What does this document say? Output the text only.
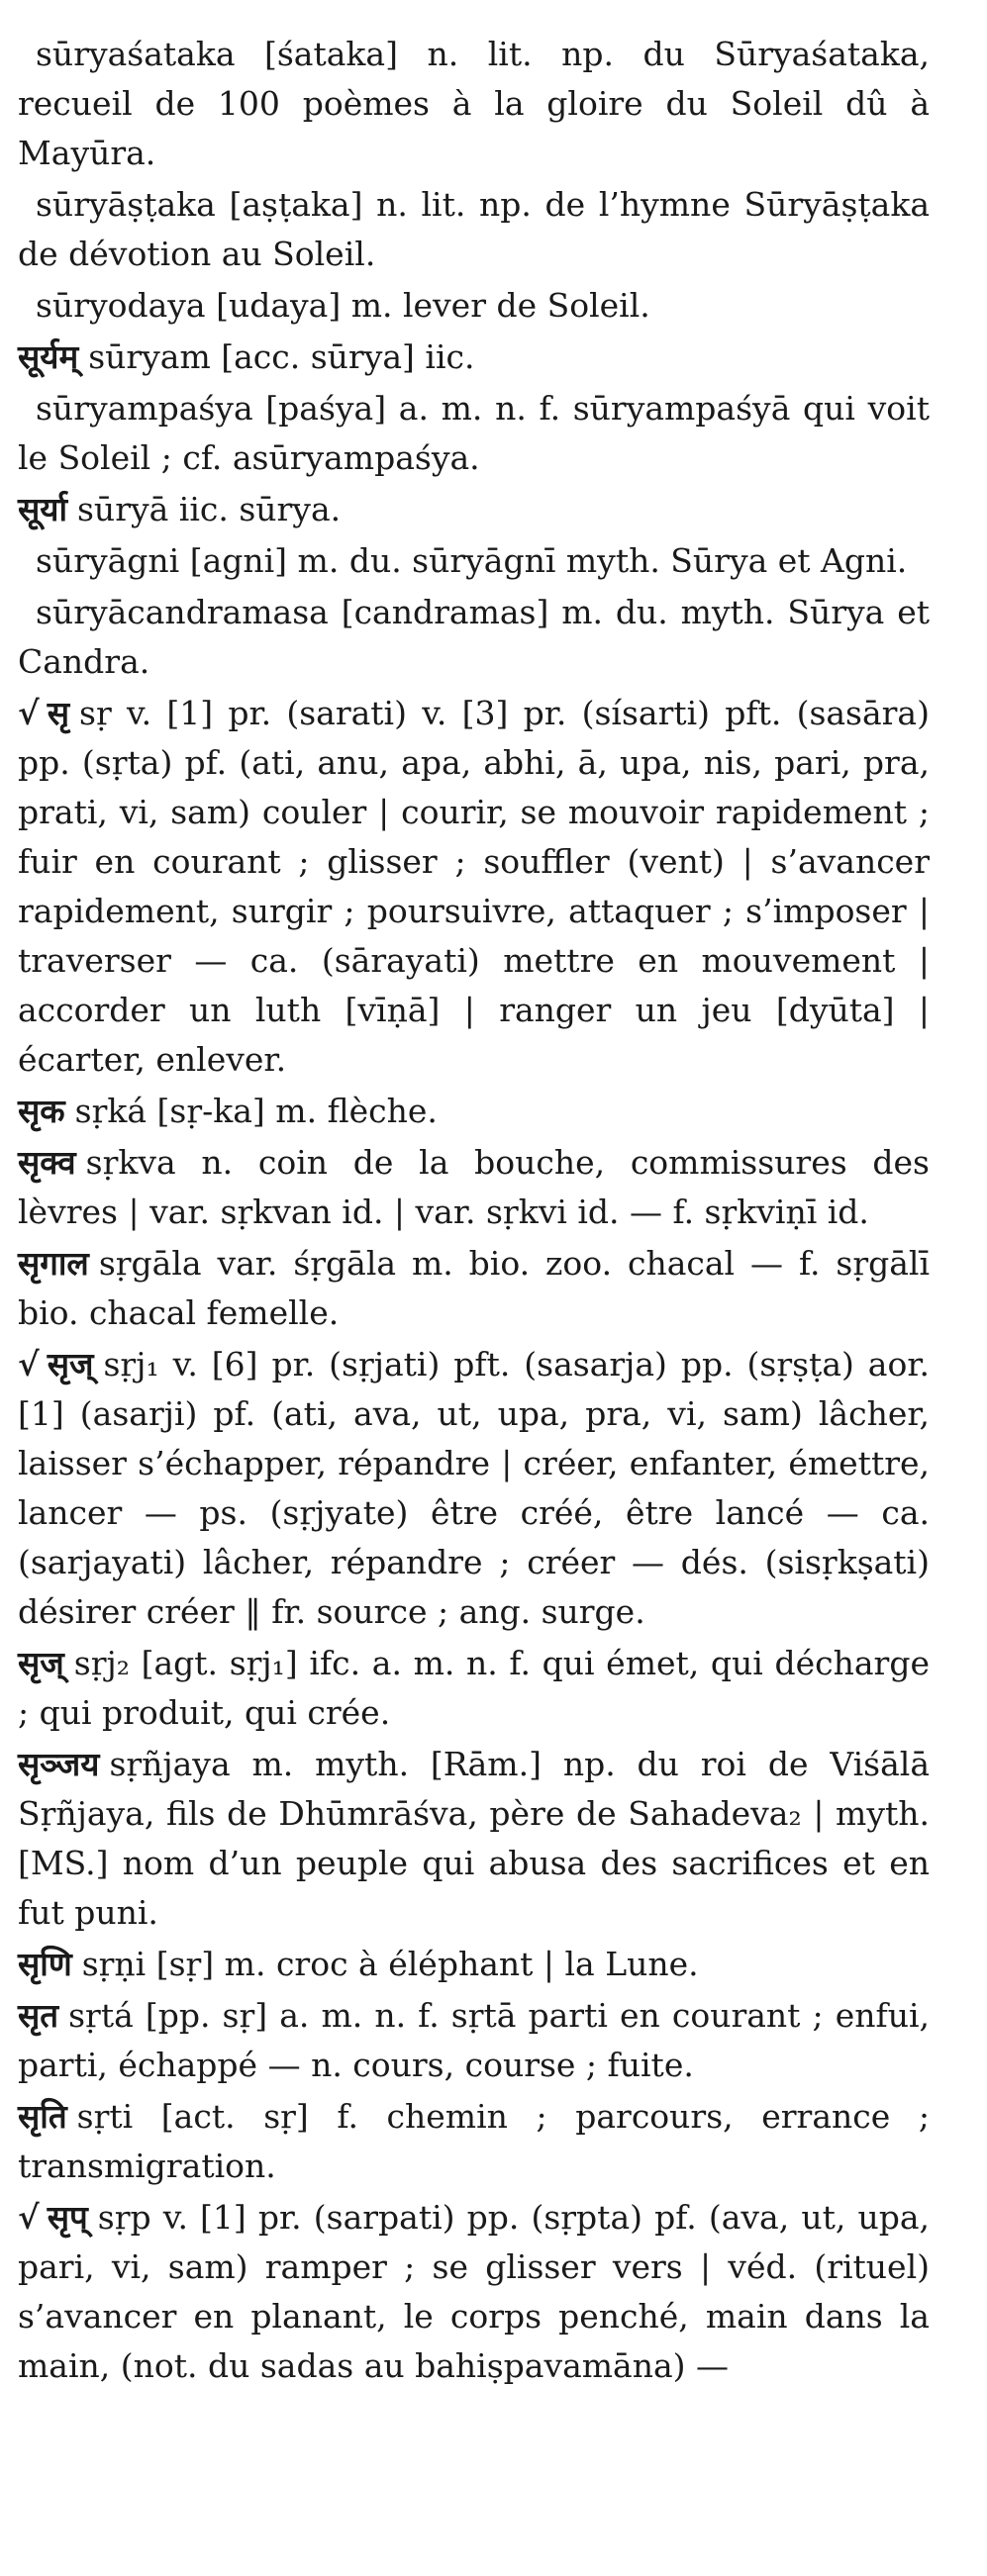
sūryaśataka [śataka] n. lit. np. du Sūryaśataka, recueil de 100 poèmes à la gloire du Soleil dû à Mayūra.
sūryāṣṭaka [aṣṭaka] n. lit. np. de l’hymne Sūryāṣṭaka de dévotion au Soleil.
sūryodaya [udaya] m. lever de Soleil.
सूर्यम् sūryam [acc. sūrya] iic.
sūryampaśya [paśya] a. m. n. f. sūryampaśyā qui voit le Soleil ; cf. asūryampaśya.
सूर्या sūryā iic. sūrya.
sūryāgni [agni] m. du. sūryāgnī myth. Sūrya et Agni.
sūryācandramasa [candramas] m. du. myth. Sūrya et Candra.
√ सृ sṛ v. [1] pr. (sarati) v. [3] pr. (sísarti) pft. (sasāra) pp. (sṛta) pf. (ati, anu, apa, abhi, ā, upa, nis, pari, pra, prati, vi, sam) couler | courir, se mouvoir rapidement ; fuir en courant ; glisser ; souffler (vent) | s’avancer rapidement, surgir ; poursuivre, attaquer ; s’imposer | traverser — ca. (sārayati) mettre en mouvement | accorder un luth [vīṇā] | ranger un jeu [dyūta] | écarter, enlever.
सृक sṛká [sṛ-ka] m. flèche.
सृक्व sṛkva n. coin de la bouche, commissures des lèvres | var. sṛkvan id. | var. sṛkvi id. — f. sṛkviṇī id.
सृगाल sṛgāla var. śṛgāla m. bio. zoo. chacal — f. sṛgālī bio. chacal femelle.
√ सृज् sṛj₁ v. [6] pr. (sṛjati) pft. (sasarja) pp. (sṛṣṭa) aor. [1] (asarji) pf. (ati, ava, ut, upa, pra, vi, sam) lâcher, laisser s’échapper, répandre | créer, enfanter, émettre, lancer — ps. (sṛjyate) être créé, être lancé — ca. (sarjayati) lâcher, répandre ; créer — dés. (sisṛkṣati) désirer créer ‖ fr. source ; ang. surge.
सृज् sṛj₂ [agt. sṛj₁] ifc. a. m. n. f. qui émet, qui décharge ; qui produit, qui crée.
सृञ्जय sṛñjaya m. myth. [Rām.] np. du roi de Viśālā Sṛñjaya, fils de Dhūmrāśva, père de Sahadeva₂ | myth. [MS.] nom d’un peuple qui abusa des sacrifices et en fut puni.
सृणि sṛṇi [sṛ] m. croc à éléphant | la Lune.
सृत sṛtá [pp. sṛ] a. m. n. f. sṛtā parti en courant ; enfui, parti, échappé — n. cours, course ; fuite.
सृति sṛti [act. sṛ] f. chemin ; parcours, errance ; transmigration.
√ सृप् sṛp v. [1] pr. (sarpati) pp. (sṛpta) pf. (ava, ut, upa, pari, vi, sam) ramper ; se glisser vers | véd. (rituel) s’avancer en planant, le corps penché, main dans la main, (not. du sadas au bahiṣpavamāna) —
